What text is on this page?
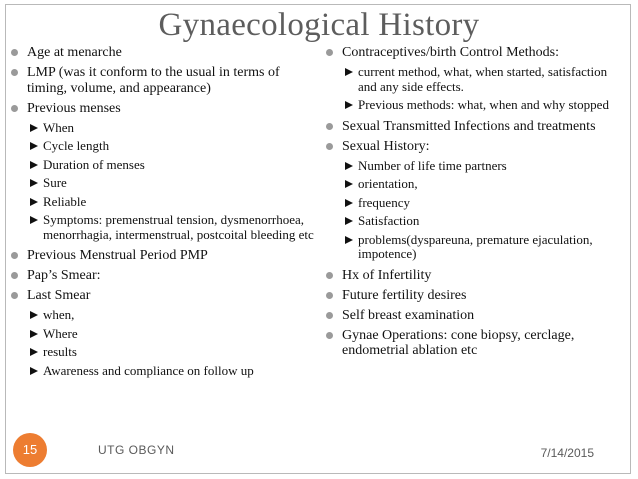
Gynaecological History
Age at menarche
LMP (was it conform to the usual in terms of timing, volume, and appearance)
Previous menses
When
Cycle length
Duration of menses
Sure
Reliable
Symptoms: premenstrual tension, dysmenorrhoea, menorrhagia, intermenstrual, postcoital bleeding etc
Previous Menstrual Period PMP
Pap’s Smear:
Last Smear
when,
Where
results
Awareness and compliance on follow up
Contraceptives/birth Control Methods:
current method, what, when started, satisfaction and any side effects.
Previous methods: what, when and why stopped
Sexual Transmitted Infections and treatments
Sexual History:
Number of life time partners
orientation,
frequency
Satisfaction
problems(dyspareuna, premature ejaculation, impotence)
Hx of Infertility
Future fertility desires
Self breast examination
Gynae Operations: cone biopsy, cerclage, endometrial ablation etc
15	UTG OBGYN	7/14/2015
